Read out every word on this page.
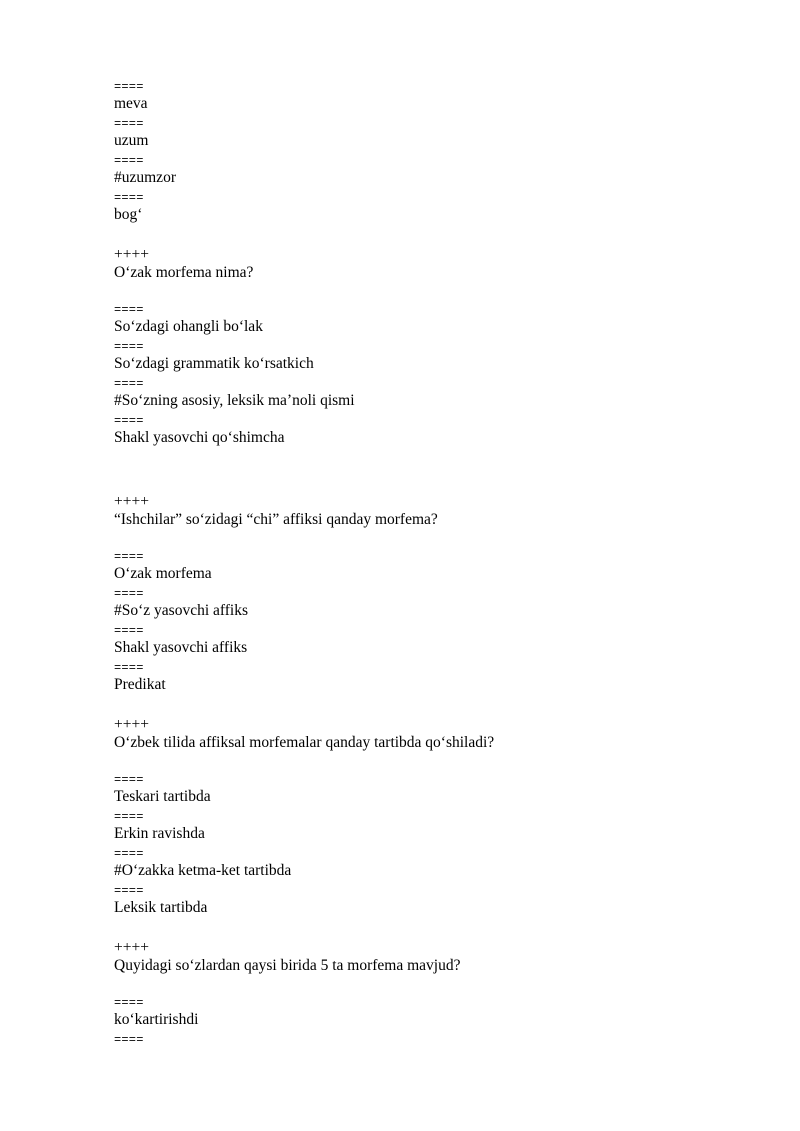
====
meva
====
uzum
====
#uzumzor
====
bog‘
++++
O‘zak morfema nima?
====
So‘zdagi ohangli bo‘lak
====
So‘zdagi grammatik ko‘rsatkich
====
#So‘zning asosiy, leksik ma’noli qismi
====
Shakl yasovchi qo‘shimcha
++++
“Ishchilar” so‘zidagi “chi” affiksi qanday morfema?
====
O‘zak morfema
====
#So‘z yasovchi affiks
====
Shakl yasovchi affiks
====
Predikat
++++
O‘zbek tilida affiksal morfemalar qanday tartibda qo‘shiladi?
====
Teskari tartibda
====
Erkin ravishda
====
#O‘zakka ketma-ket tartibda
====
Leksik tartibda
++++
Quyidagi so‘zlardan qaysi birida 5 ta morfema mavjud?
====
ko‘kartirishdi
====
